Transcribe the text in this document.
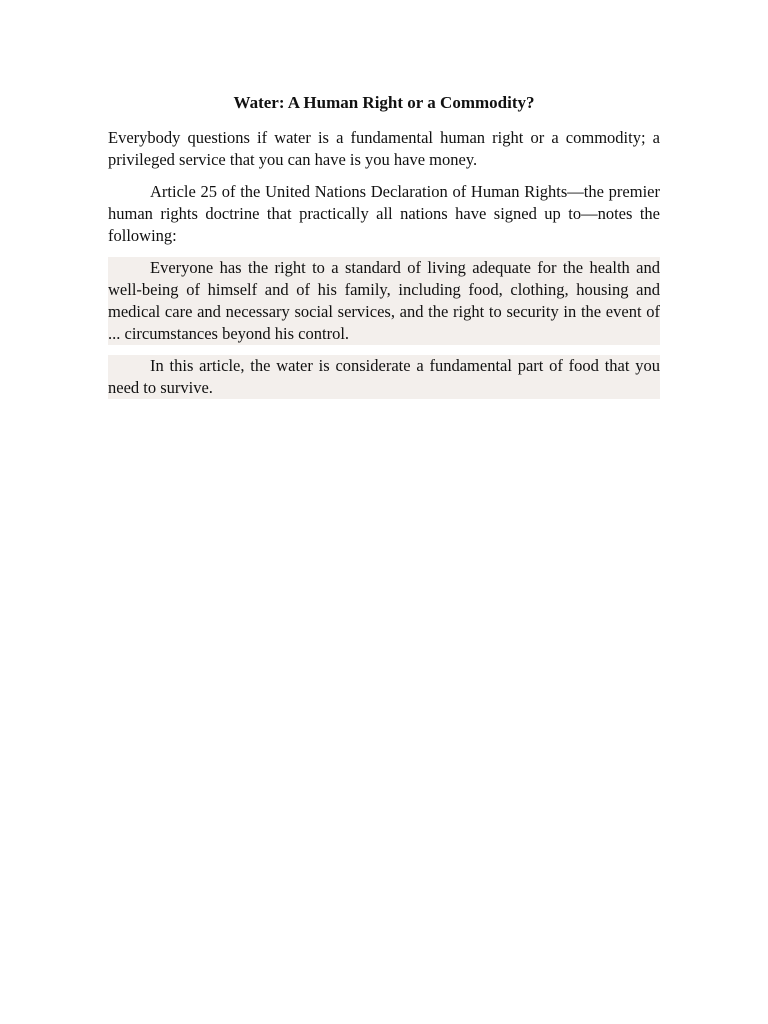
Water: A Human Right or a Commodity?

Everybody questions if water is a fundamental human right or a commodity; a privileged service that you can have is you have money.

Article 25 of the United Nations Declaration of Human Rights—the premier human rights doctrine that practically all nations have signed up to—notes the following:

Everyone has the right to a standard of living adequate for the health and well-being of himself and of his family, including food, clothing, housing and medical care and necessary social services, and the right to security in the event of ... circumstances beyond his control.

In this article, the water is considerate a fundamental part of food that you need to survive.
